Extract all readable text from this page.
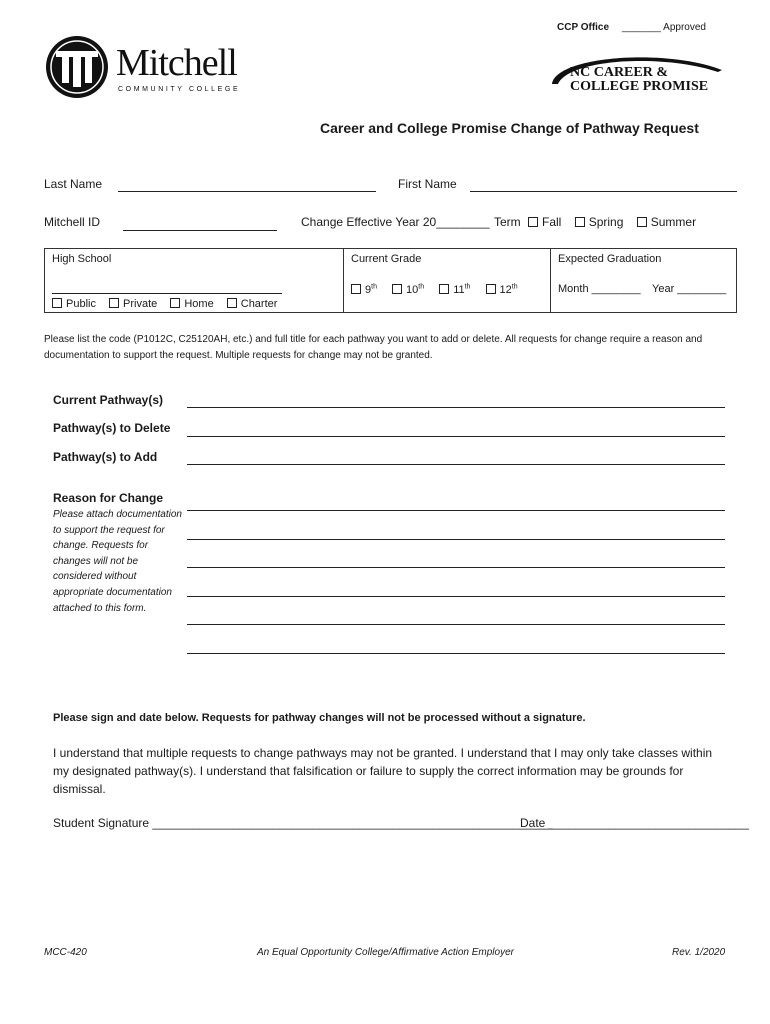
CCP Office _______ Approved
Mitchell
COMMUNITY COLLEGE
NC CAREER &
COLLEGE PROMISE
Career and College Promise Change of Pathway Request
Last Name	First Name
Mitchell ID	Change Effective Year 20________ Term Fall Spring Summer
High School
Public Private Home Charter

Current Grade
9th	10th	11th	12th

Expected Graduation
Month ________ Year ________
Please list the code (P1012C, C25120AH, etc.) and full title for each pathway you want to add or delete. All requests for change require a reason and documentation to support the request. Multiple requests for change may not be granted.
Current Pathway(s)
Pathway(s) to Delete
Pathway(s) to Add
Reason for Change
Please attach documentation to support the request for change. Requests for changes will not be considered without appropriate documentation attached to this form.
Please sign and date below. Requests for pathway changes will not be processed without a signature.
I understand that multiple requests to change pathways may not be granted. I understand that I may only take classes within my designated pathway(s). I understand that falsification or failure to supply the correct information may be grounds for dismissal.
Student Signature ____________________________________________________________
Date ______________________________
MCC-420	An Equal Opportunity College/Affirmative Action Employer	Rev. 1/2020
